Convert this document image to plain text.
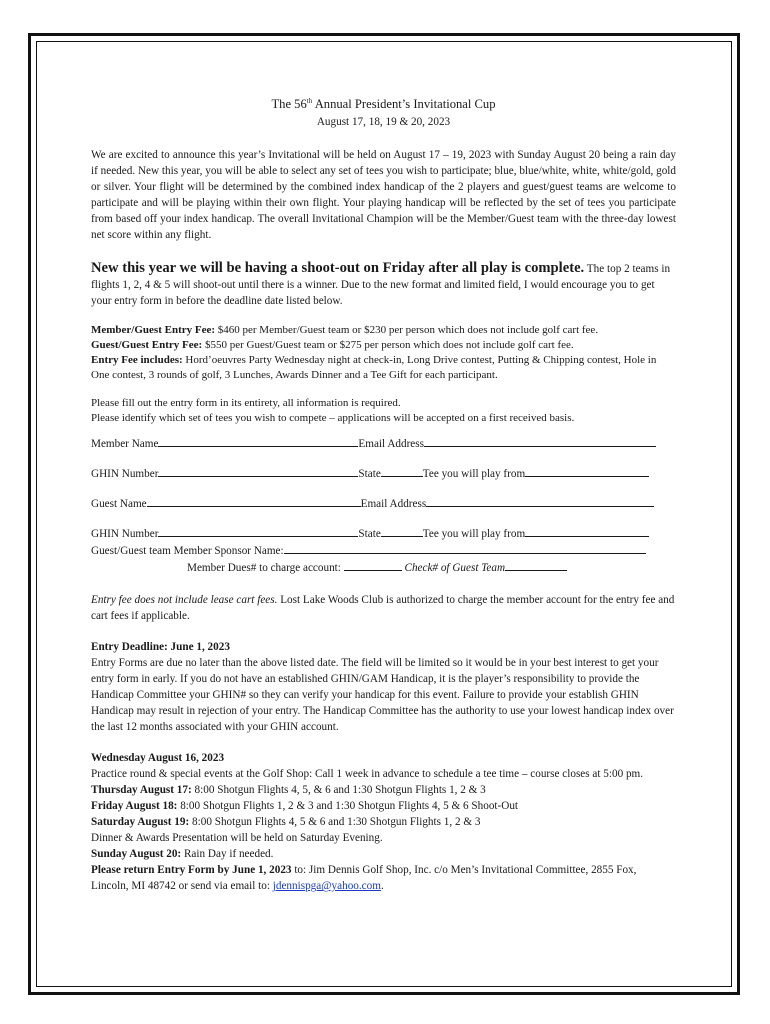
The 56th Annual President’s Invitational Cup
August 17, 18, 19 & 20, 2023

We are excited to announce this year’s Invitational will be held on August 17 – 19, 2023 with Sunday August 20 being a rain day if needed. New this year, you will be able to select any set of tees you wish to participate; blue, blue/white, white, white/gold, gold or silver. Your flight will be determined by the combined index handicap of the 2 players and guest/guest teams are welcome to participate and will be playing within their own flight. Your playing handicap will be reflected by the set of tees you participate from based off your index handicap. The overall Invitational Champion will be the Member/Guest team with the three-day lowest net score within any flight.

New this year we will be having a shoot-out on Friday after all play is complete. The top 2 teams in flights 1, 2, 4 & 5 will shoot-out until there is a winner. Due to the new format and limited field, I would encourage you to get your entry form in before the deadline date listed below.

Member/Guest Entry Fee: $460 per Member/Guest team or $230 per person which does not include golf cart fee.
Guest/Guest Entry Fee: $550 per Guest/Guest team or $275 per person which does not include golf cart fee.
Entry Fee includes: Hord’oeuvres Party Wednesday night at check-in, Long Drive contest, Putting & Chipping contest, Hole in One contest, 3 rounds of golf, 3 Lunches, Awards Dinner and a Tee Gift for each participant.
Please fill out the entry form in its entirety, all information is required.
Please identify which set of tees you wish to compete – applications will be accepted on a first received basis.
Member Name	Email Address
GHIN Number	State	Tee you will play from
Guest Name	Email Address
GHIN Number	State	Tee you will play from
Guest/Guest team Member Sponsor Name:
Member Dues# to charge account:	Check# of Guest Team

Entry fee does not include lease cart fees. Lost Lake Woods Club is authorized to charge the member account for the entry fee and cart fees if applicable.

Entry Deadline: June 1, 2023

Entry Forms are due no later than the above listed date. The field will be limited so it would be in your best interest to get your entry form in early. If you do not have an established GHIN/GAM Handicap, it is the player’s responsibility to provide the Handicap Committee your GHIN# so they can verify your handicap for this event. Failure to provide your establish GHIN Handicap may result in rejection of your entry. The Handicap Committee has the authority to use your lowest handicap index over the last 12 months associated with your GHIN account.

Wednesday August 16, 2023

Practice round & special events at the Golf Shop: Call 1 week in advance to schedule a tee time – course closes at 5:00 pm.

Thursday August 17: 8:00 Shotgun Flights 4, 5, & 6 and 1:30 Shotgun Flights 1, 2 & 3
Friday August 18: 8:00 Shotgun Flights 1, 2 & 3 and 1:30 Shotgun Flights 4, 5 & 6 Shoot-Out
Saturday August 19: 8:00 Shotgun Flights 4, 5 & 6 and 1:30 Shotgun Flights 1, 2 & 3
Dinner & Awards Presentation will be held on Saturday Evening.
Sunday August 20: Rain Day if needed.

Please return Entry Form by June 1, 2023 to: Jim Dennis Golf Shop, Inc. c/o Men’s Invitational Committee, 2855 Fox, Lincoln, MI 48742 or send via email to: jdennispga@yahoo.com.
